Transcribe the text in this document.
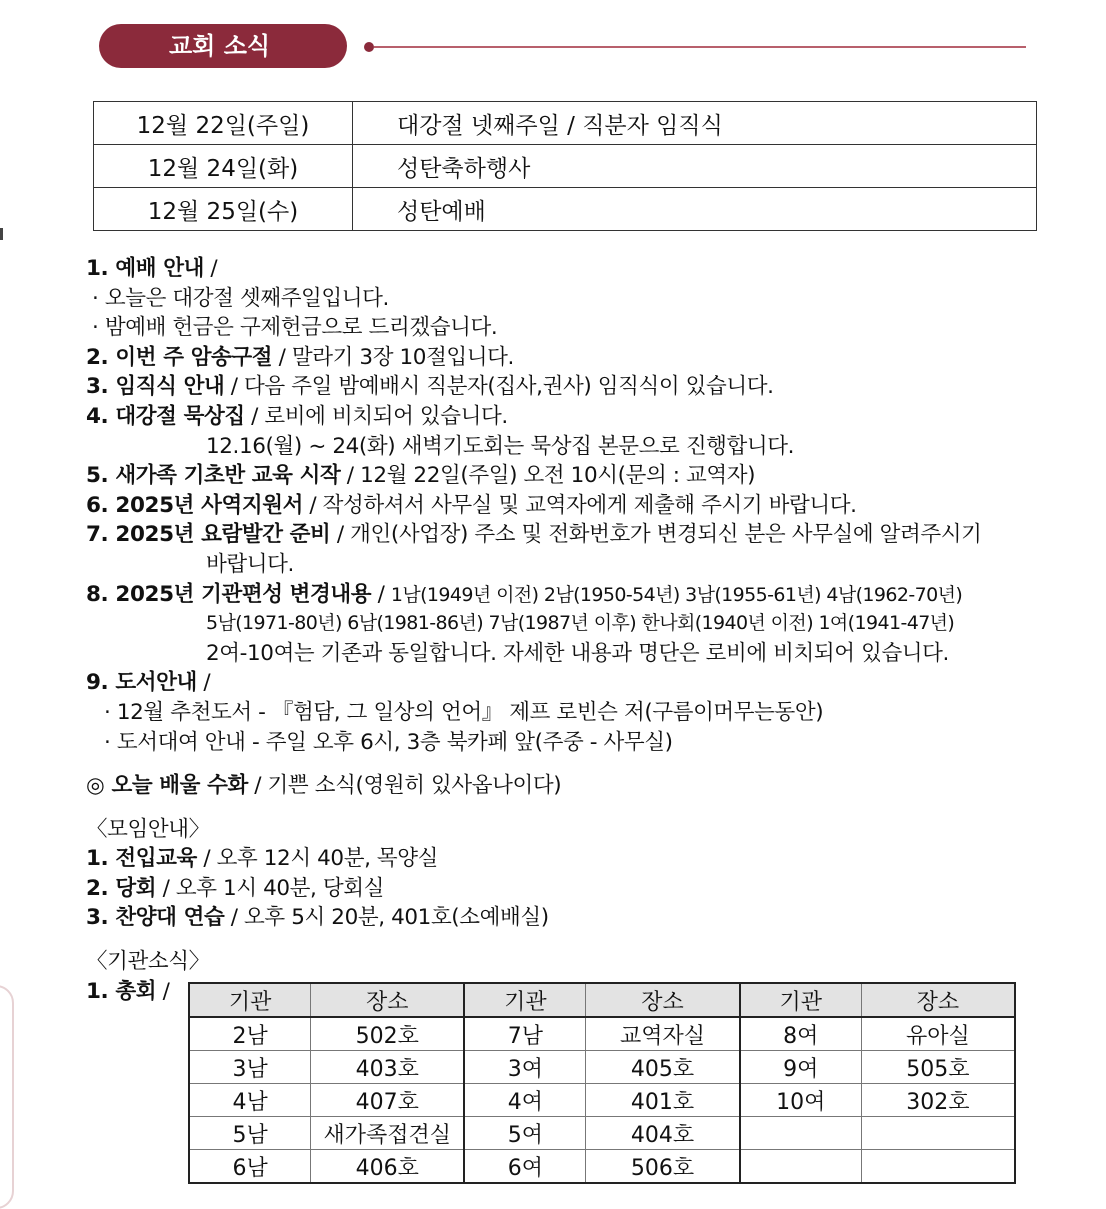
교회 소식
12월 22일(주일)	대강절 넷째주일 / 직분자 임직식
12월 24일(화)	성탄축하행사
12월 25일(수)	성탄예배
1. 예배 안내 /
· 오늘은 대강절 셋째주일입니다.
· 밤예배 헌금은 구제헌금으로 드리겠습니다.
2. 이번 주 암송구절 / 말라기 3장 10절입니다.
3. 임직식 안내 / 다음 주일 밤예배시 직분자(집사,권사) 임직식이 있습니다.
4. 대강절 묵상집 / 로비에 비치되어 있습니다.
12.16(월) ~ 24(화) 새벽기도회는 묵상집 본문으로 진행합니다.
5. 새가족 기초반 교육 시작 / 12월 22일(주일) 오전 10시(문의 : 교역자)
6. 2025년 사역지원서 / 작성하셔서 사무실 및 교역자에게 제출해 주시기 바랍니다.
7. 2025년 요람발간 준비 / 개인(사업장) 주소 및 전화번호가 변경되신 분은 사무실에 알려주시기
바랍니다.
8. 2025년 기관편성 변경내용 / 1남(1949년 이전) 2남(1950-54년) 3남(1955-61년) 4남(1962-70년)
5남(1971-80년) 6남(1981-86년) 7남(1987년 이후) 한나회(1940년 이전) 1여(1941-47년)
2여-10여는 기존과 동일합니다. 자세한 내용과 명단은 로비에 비치되어 있습니다.
9. 도서안내 /
· 12월 추천도서 - 『험담, 그 일상의 언어』 제프 로빈슨 저(구름이머무는동안)
· 도서대여 안내 - 주일 오후 6시, 3층 북카페 앞(주중 - 사무실)
◎ 오늘 배울 수화 / 기쁜 소식(영원히 있사옵나이다)
〈모임안내〉
1. 전입교육 / 오후 12시 40분, 목양실
2. 당회 / 오후 1시 40분, 당회실
3. 찬양대 연습 / 오후 5시 20분, 401호(소예배실)
〈기관소식〉
1. 총회 /	기관	장소	기관	장소	기관	장소
2남	502호	7남	교역자실	8여	유아실
3남	403호	3여	405호	9여	505호
4남	407호	4여	401호	10여	302호
5남	새가족접견실	5여	404호		
6남	406호	6여	506호		
